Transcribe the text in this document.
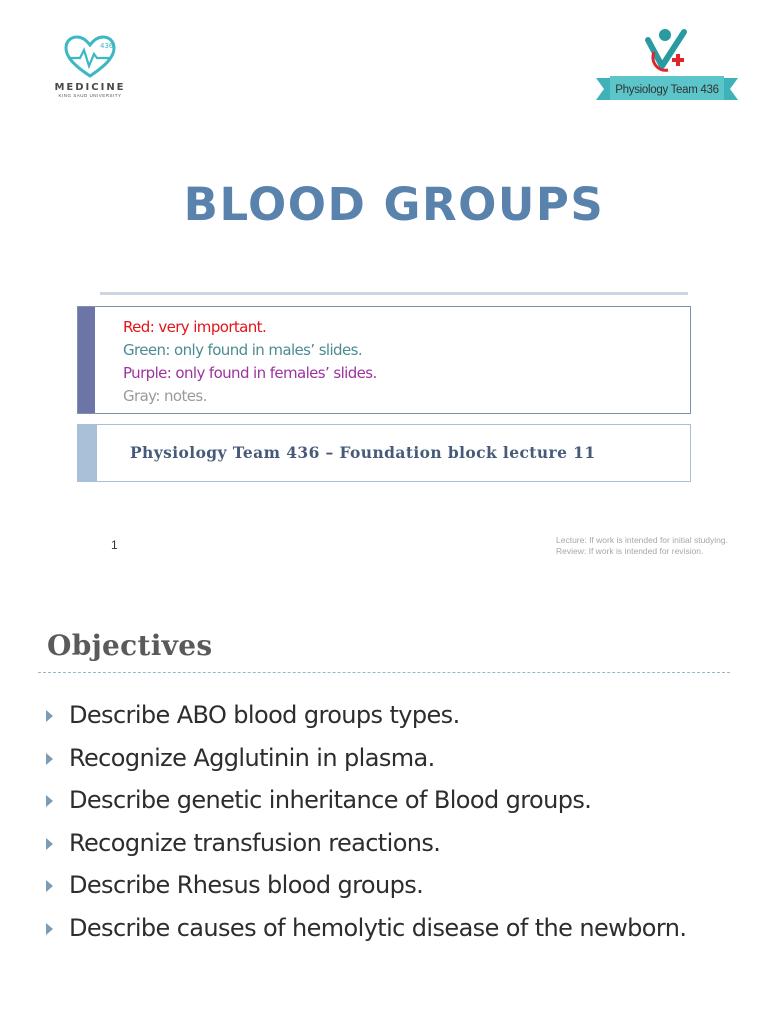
436
MEDICINE
KING SAUD UNIVERSITY	Physiology Team 436
BLOOD GROUPS
Red: very important.
Green: only found in males’ slides.
Purple: only found in females’ slides.
Gray: notes.
Physiology Team 436 – Foundation block lecture 11
1	Lecture: If work is intended for initial studying.
Review: If work is intended for revision.
Objectives
Describe ABO blood groups types.
Recognize Agglutinin in plasma.
Describe genetic inheritance of Blood groups.
Recognize transfusion reactions.
Describe Rhesus blood groups.
Describe causes of hemolytic disease of the newborn.
